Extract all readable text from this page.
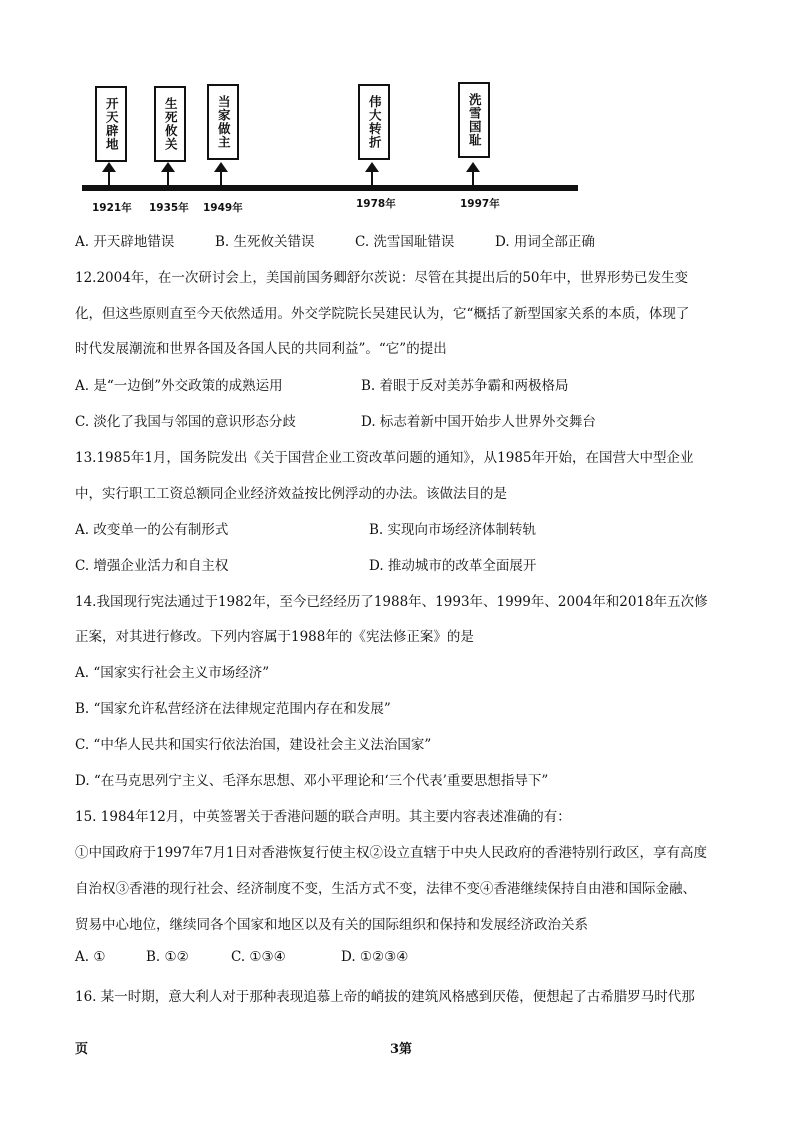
开天辟地	生死攸关	当家做主	伟大转折	洗雪国耻
1921年 1935年 1949年	1978年	1997年
A. 开天辟地错误	B. 生死攸关错误	C. 洗雪国耻错误	D. 用词全部正确
12.2004年，在一次研讨会上，美国前国务卿舒尔茨说：尽管在其提出后的50年中，世界形势已发生变
化，但这些原则直至今天依然适用。外交学院院长吴建民认为，它“概括了新型国家关系的本质，体现了
时代发展潮流和世界各国及各国人民的共同利益”。“它”的提出
A. 是“一边倒”外交政策的成熟运用	B. 着眼于反对美苏争霸和两极格局
C. 淡化了我国与邻国的意识形态分歧	D. 标志着新中国开始步人世界外交舞台
13.1985年1月，国务院发出《关于国营企业工资改革问题的通知》，从1985年开始，在国营大中型企业
中，实行职工工资总额同企业经济效益按比例浮动的办法。该做法目的是
A. 改变单一的公有制形式	B. 实现向市场经济体制转轨
C. 增强企业活力和自主权	D. 推动城市的改革全面展开
14.我国现行宪法通过于1982年，至今已经经历了1988年、1993年、1999年、2004年和2018年五次修
正案，对其进行修改。下列内容属于1988年的《宪法修正案》的是
A. “国家实行社会主义市场经济”
B. “国家允许私营经济在法律规定范围内存在和发展”
C. “中华人民共和国实行依法治国，建设社会主义法治国家”
D. “在马克思列宁主义、毛泽东思想、邓小平理论和‘三个代表’重要思想指导下”
15. 1984年12月，中英签署关于香港问题的联合声明。其主要内容表述准确的有：
①中国政府于1997年7月1日对香港恢复行使主权②设立直辖于中央人民政府的香港特别行政区，享有高度
自治权③香港的现行社会、经济制度不变，生活方式不变，法律不变④香港继续保持自由港和国际金融、
贸易中心地位，继续同各个国家和地区以及有关的国际组织和保持和发展经济政治关系
A. ①	B. ①②	C. ①③④	D. ①②③④
16. 某一时期，意大利人对于那种表现追慕上帝的峭拔的建筑风格感到厌倦，便想起了古希腊罗马时代那
页	3第
